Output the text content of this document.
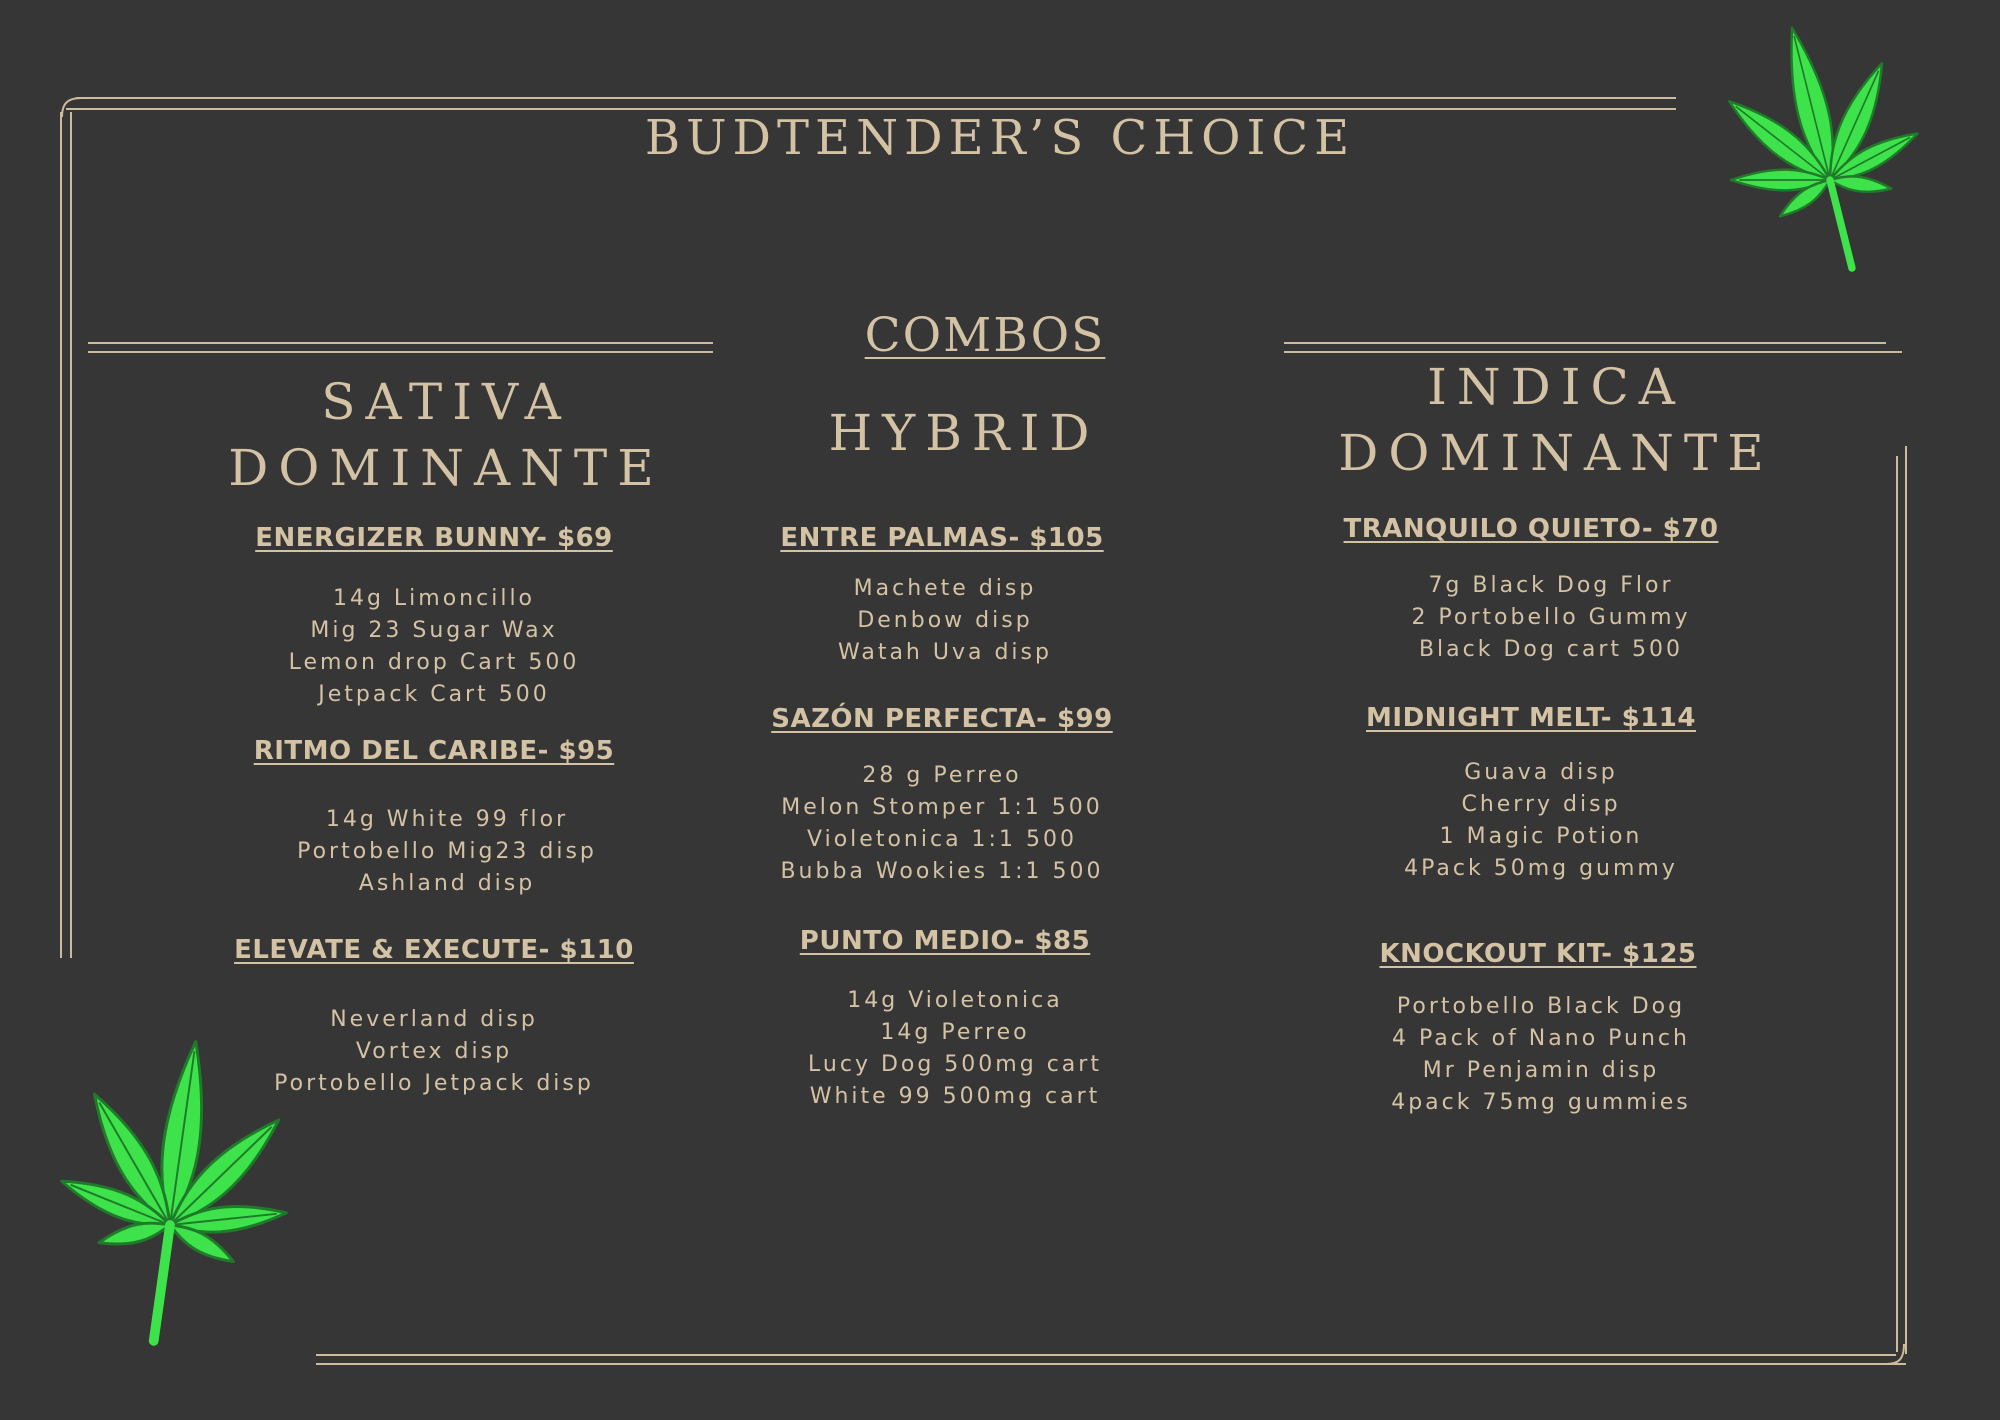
BUDTENDER’S CHOICE
COMBOS
SATIVA
DOMINANTE
ENERGIZER BUNNY- $69
14g Limoncillo
Mig 23 Sugar Wax
Lemon drop Cart 500
Jetpack Cart 500
RITMO DEL CARIBE- $95
14g White 99 flor
Portobello Mig23 disp
Ashland disp
ELEVATE & EXECUTE- $110
Neverland disp
Vortex disp
Portobello Jetpack disp
HYBRID
ENTRE PALMAS- $105
Machete disp
Denbow disp
Watah Uva disp
SAZÓN PERFECTA- $99
28 g Perreo
Melon Stomper 1:1 500
Violetonica 1:1 500
Bubba Wookies 1:1 500
PUNTO MEDIO- $85
14g Violetonica
14g Perreo
Lucy Dog 500mg cart
White 99 500mg cart
INDICA
DOMINANTE
TRANQUILO QUIETO- $70
7g Black Dog Flor
2 Portobello Gummy
Black Dog cart 500
MIDNIGHT MELT- $114
Guava disp
Cherry disp
1 Magic Potion
4Pack 50mg gummy
KNOCKOUT KIT- $125
Portobello Black Dog
4 Pack of Nano Punch
Mr Penjamin disp
4pack 75mg gummies
